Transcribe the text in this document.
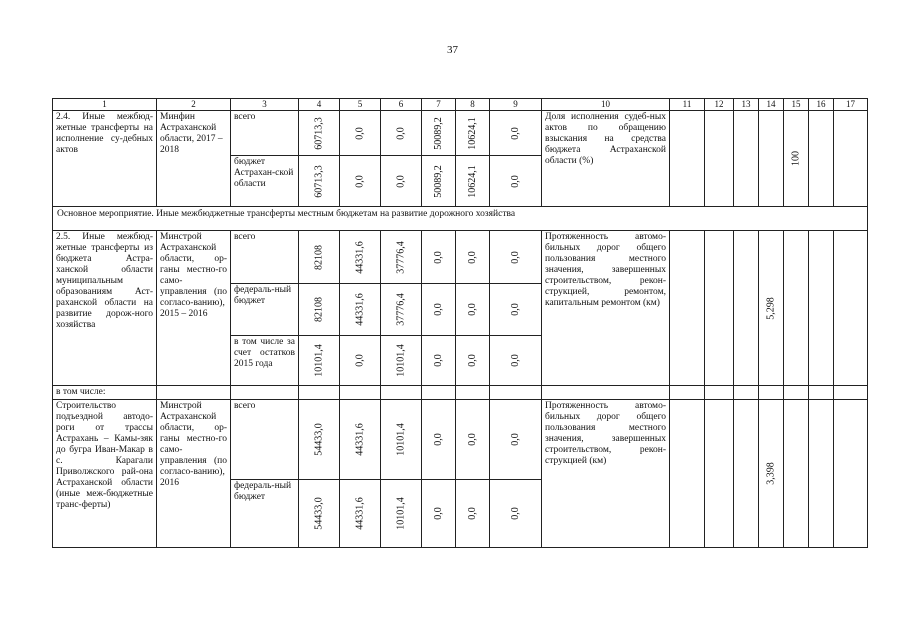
37
1	2	3	4	5	6	7	8	9	10	11	12	13	14	15	16	17
2.4. Иные межбюд-жетные трансферты на исполнение су-дебных актов	Минфин Астраханской области, 2017 – 2018	всего	60713,3	0,0	0,0	50089,2	10624,1	0,0	Доля исполнения судеб-ных актов по обращению взыскания на средства бюджета Астраханской области (%)					100		

		бюджет Астрахан-ской области	60713,3	0,0	0,0	50089,2	10624,1	0,0								

Основное мероприятие. Иные межбюджетные трансферты местным бюджетам на развитие дорожного хозяйства																
2.5. Иные межбюд-жетные трансферты из бюджета Астра-ханской области муниципальным образованиям Аст-раханской области на развитие дорож-ного хозяйства	Минстрой Астраханской области, ор-ганы местно-го само-управления (по согласо-ванию), 2015 – 2016	всего	82108	44331,6	37776,4	0,0	0,0	0,0	Протяженность автомо-бильных дорог общего пользования местного значения, завершенных строительством, рекон-струкцией, ремонтом, капитальным ремонтом (км)				5,298			

		федераль-ный бюджет	82108	44331,6	37776,4	0,0	0,0	0,0								

		в том числе за счет остатков 2015 года	10101,4	0,0	10101,4	0,0	0,0	0,0								

в том числе:																
Строительство подъездной автодо-роги от трассы Астрахань – Камы-зяк до бугра Иван-Макар в с. Карагали Приволжского рай-она Астраханской области (иные меж-бюджетные транс-ферты)	Минстрой Астраханской области, ор-ганы местно-го само-управления (по согласо-ванию), 2016	всего	54433,0	44331,6	10101,4	0,0	0,0	0,0	Протяженность автомо-бильных дорог общего пользования местного значения, завершенных строительством, рекон-струкцией (км)				3,398			

		федераль-ный бюджет	54433,0	44331,6	10101,4	0,0	0,0	0,0								
